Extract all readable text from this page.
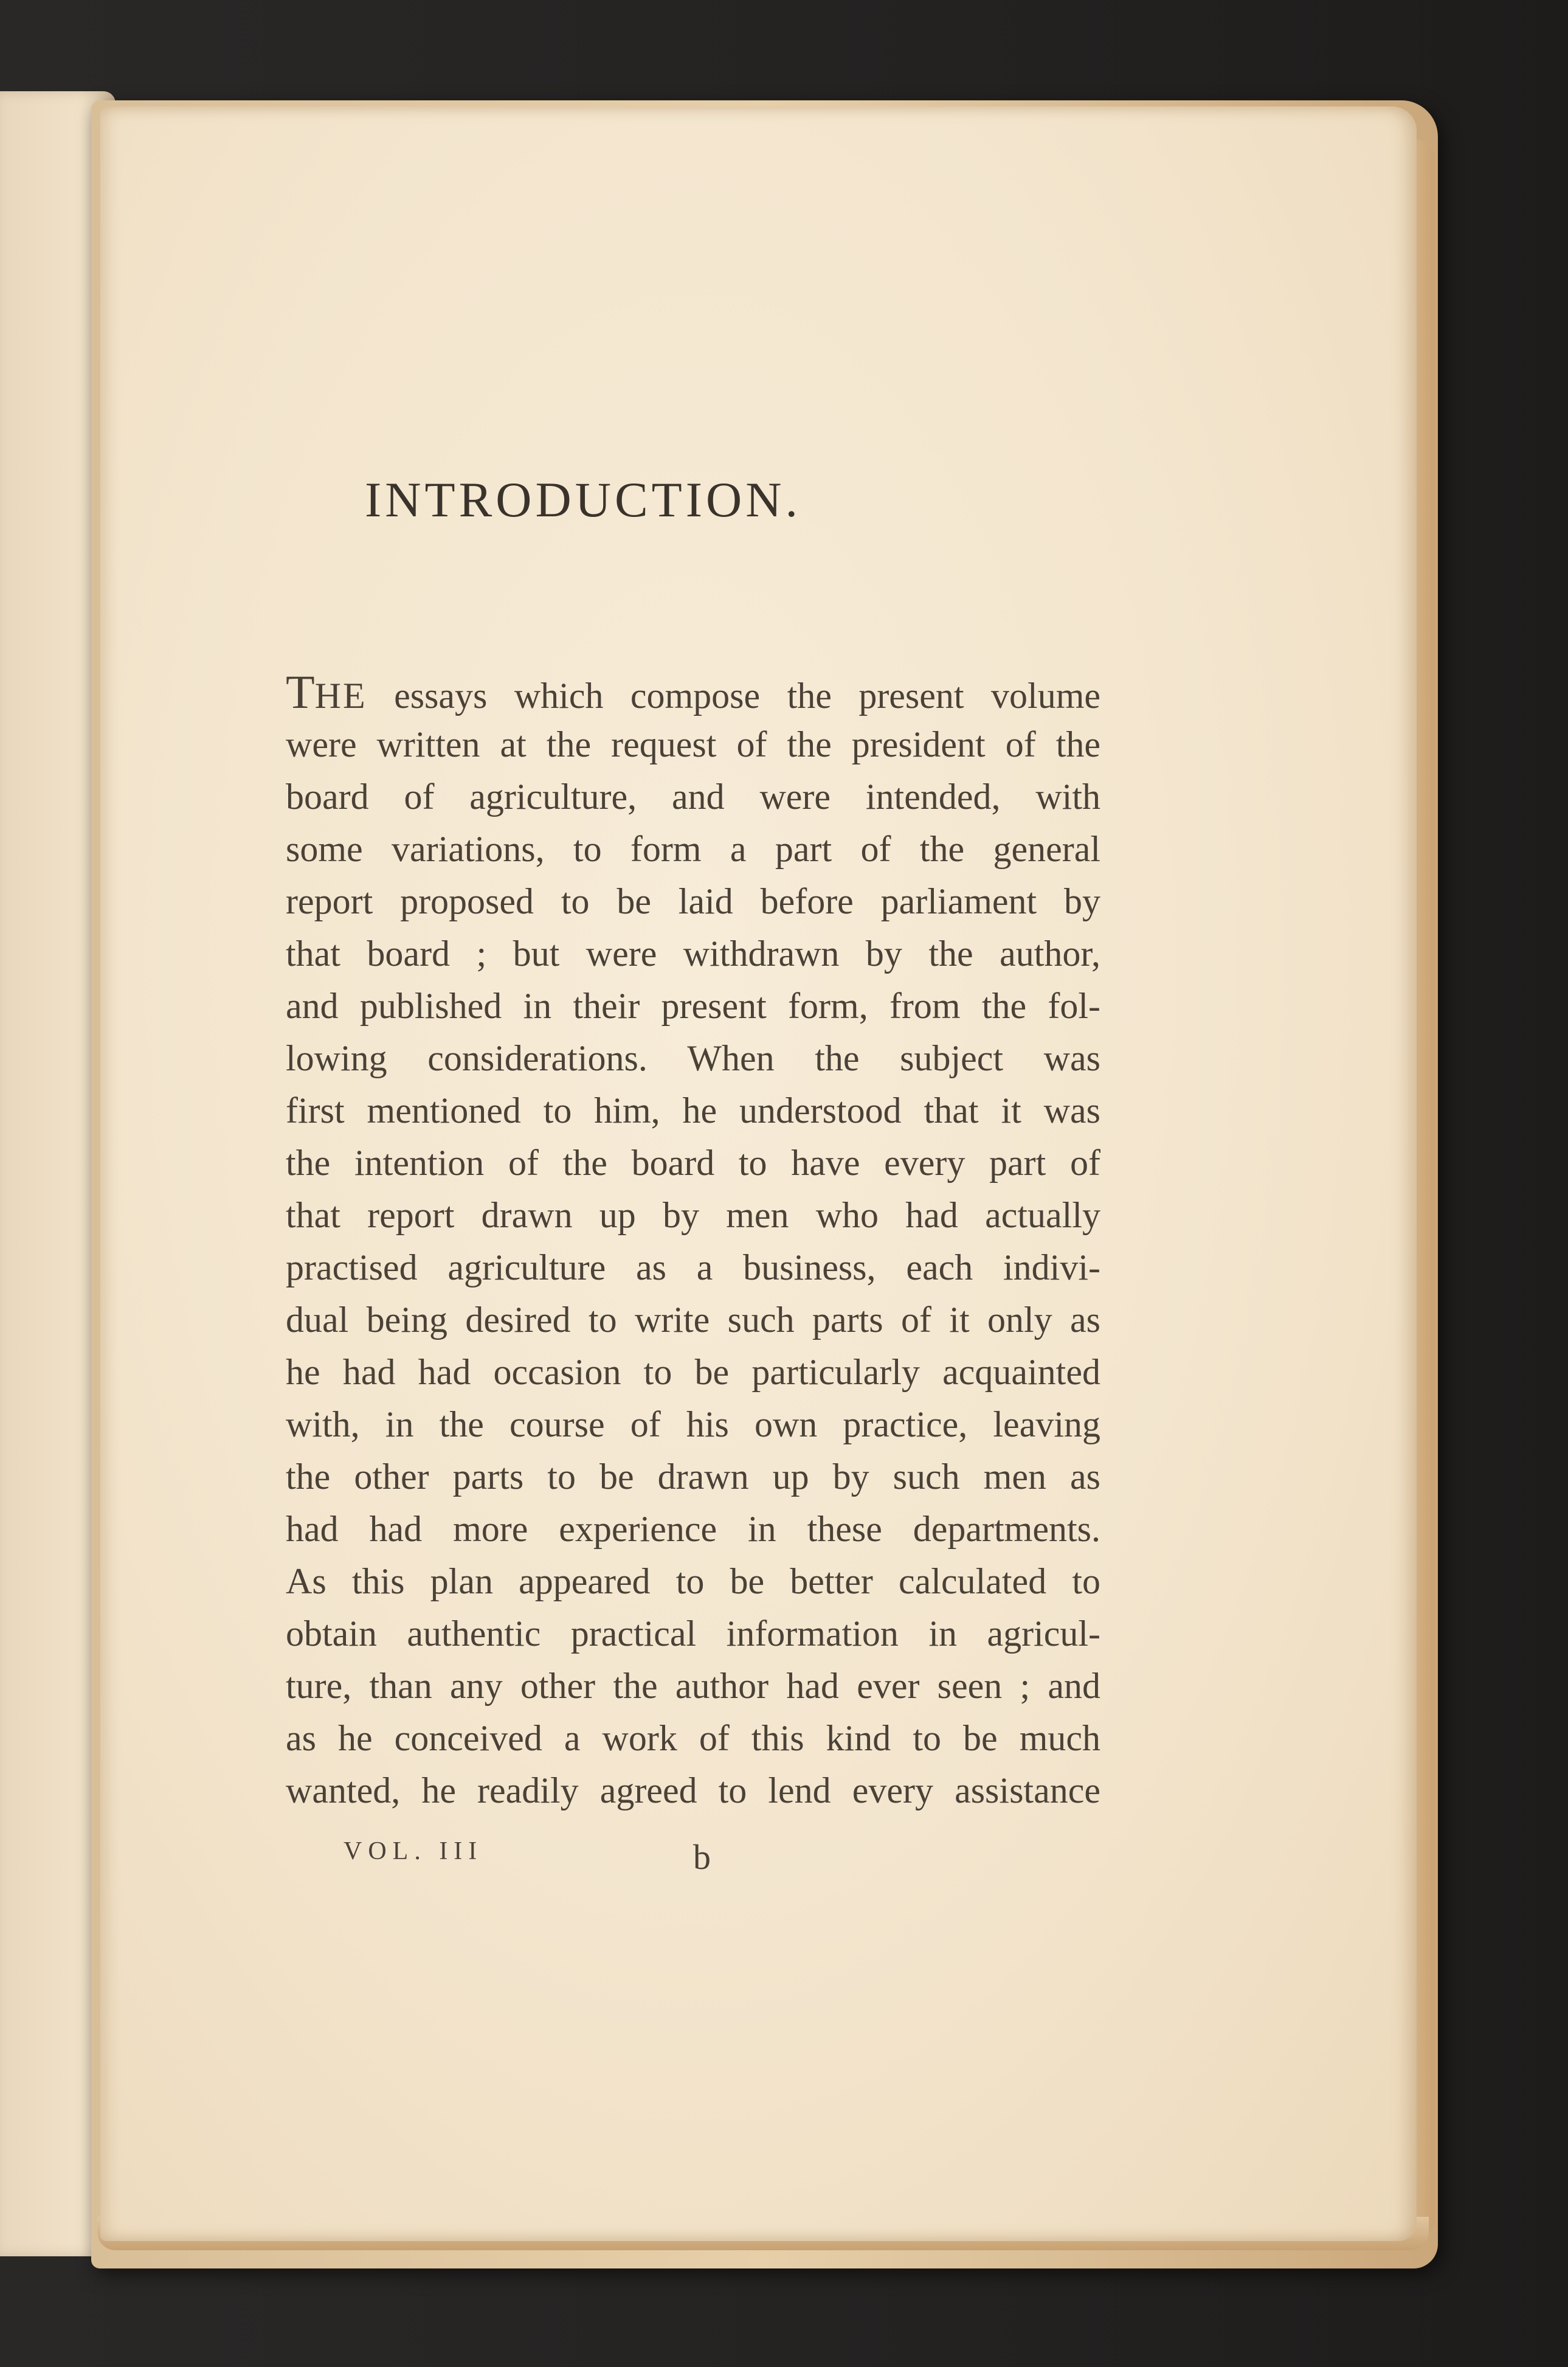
INTRODUCTION.
THE essays which compose the present volume
were written at the request of the president of the
board of agriculture, and were intended, with
some variations, to form a part of the general
report proposed to be laid before parliament by
that board ; but were withdrawn by the author,
and published in their present form, from the fol-
lowing considerations. When the subject was
first mentioned to him, he understood that it was
the intention of the board to have every part of
that report drawn up by men who had actually
practised agriculture as a business, each indivi-
dual being desired to write such parts of it only as
he had had occasion to be particularly acquainted
with, in the course of his own practice, leaving
the other parts to be drawn up by such men as
had had more experience in these departments.
As this plan appeared to be better calculated to
obtain authentic practical information in agricul-
ture, than any other the author had ever seen ; and
as he conceived a work of this kind to be much
wanted, he readily agreed to lend every assistance
VOL. III	b
